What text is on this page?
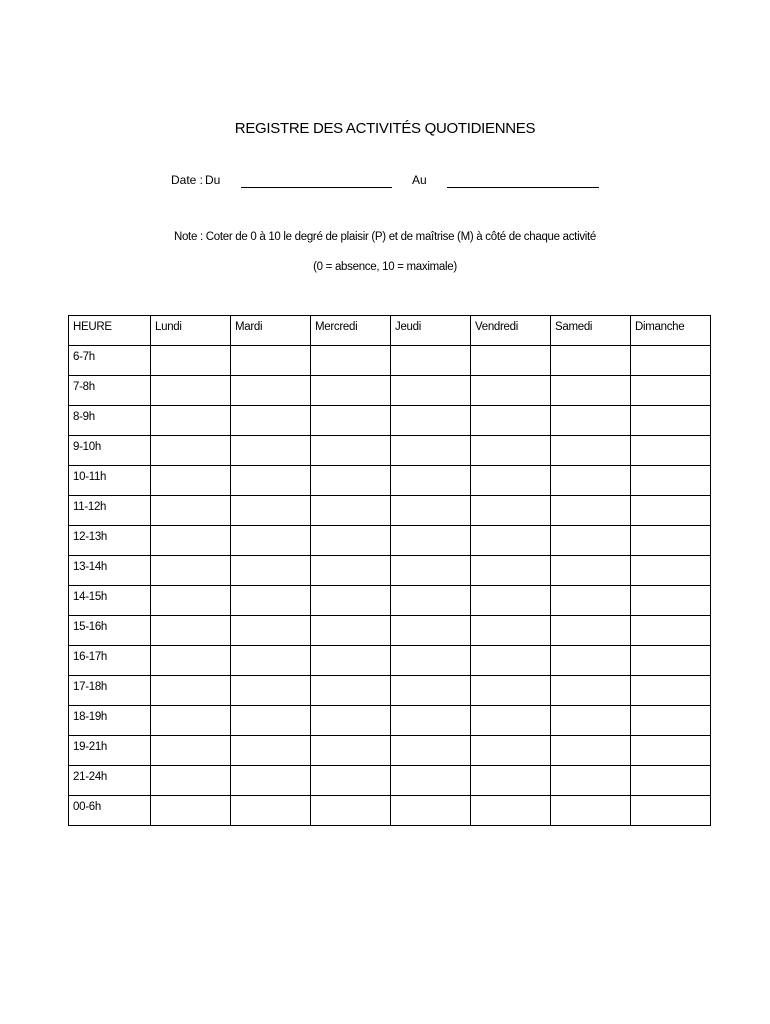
REGISTRE DES ACTIVITÉS QUOTIDIENNES
Date : Du	Au
Note : Coter de 0 à 10 le degré de plaisir (P) et de maîtrise (M) à côté de chaque activité
(0 = absence, 10 = maximale)
HEURE	Lundi	Mardi	Mercredi	Jeudi	Vendredi	Samedi	Dimanche
6-7h							
7-8h							
8-9h							
9-10h							
10-11h							
11-12h							
12-13h							
13-14h							
14-15h							
15-16h							
16-17h							
17-18h							
18-19h							
19-21h							
21-24h							
00-6h							
